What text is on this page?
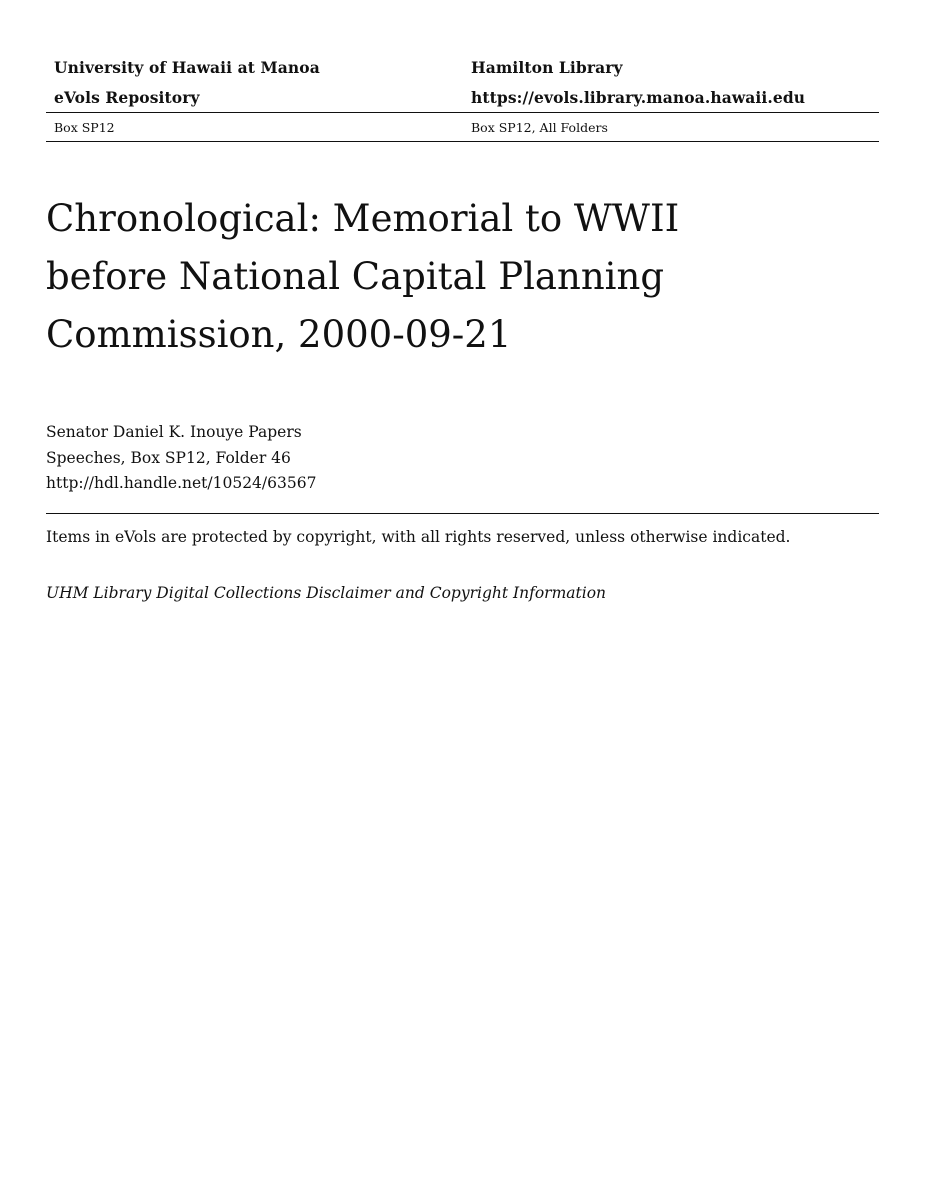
University of Hawaii at Manoa	Hamilton Library
eVols Repository	https://evols.library.manoa.hawaii.edu
Box SP12	Box SP12, All Folders
Chronological: Memorial to WWII
before National Capital Planning
Commission, 2000-09-21
Senator Daniel K. Inouye Papers
Speeches, Box SP12, Folder 46
http://hdl.handle.net/10524/63567
Items in eVols are protected by copyright, with all rights reserved, unless otherwise indicated.
UHM Library Digital Collections Disclaimer and Copyright Information
